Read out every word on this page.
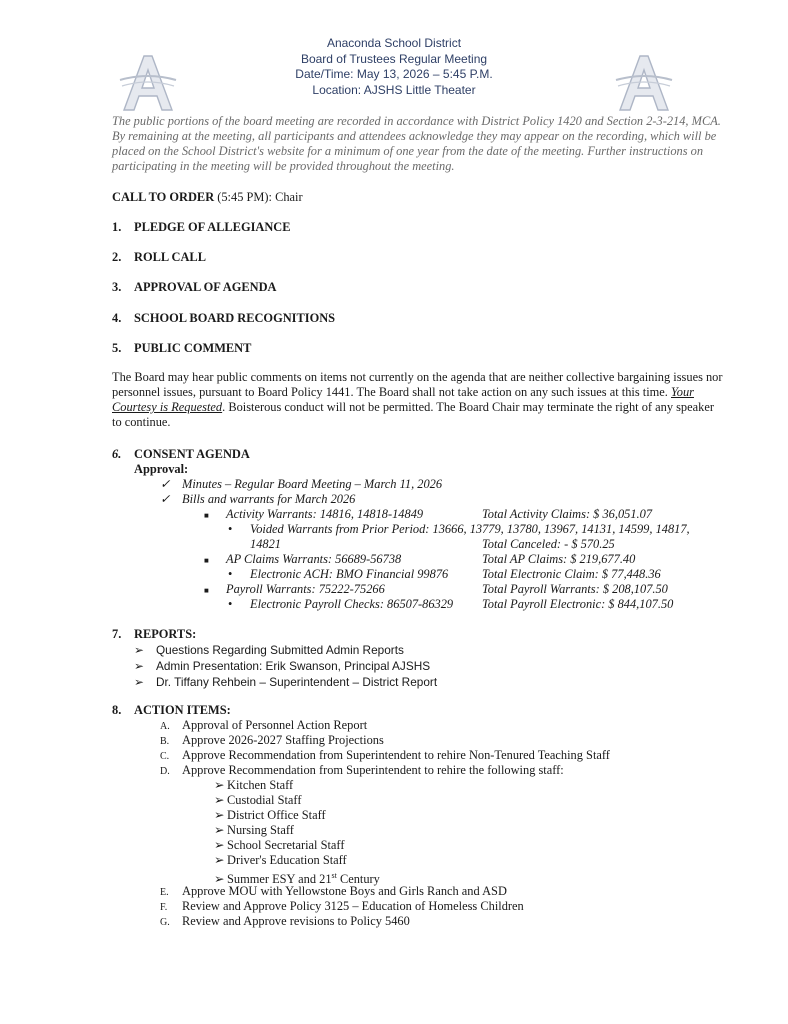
Anaconda School District
Board of Trustees Regular Meeting
Date/Time: May 13, 2026 – 5:45 P.M.
Location: AJSHS Little Theater
The public portions of the board meeting are recorded in accordance with District Policy 1420 and Section 2-3-214, MCA. By remaining at the meeting, all participants and attendees acknowledge they may appear on the recording, which will be placed on the School District's website for a minimum of one year from the date of the meeting. Further instructions on participating in the meeting will be provided throughout the meeting.
CALL TO ORDER (5:45 PM): Chair
1. PLEDGE OF ALLEGIANCE
2. ROLL CALL
3. APPROVAL OF AGENDA
4. SCHOOL BOARD RECOGNITIONS
5. PUBLIC COMMENT
The Board may hear public comments on items not currently on the agenda that are neither collective bargaining issues nor personnel issues, pursuant to Board Policy 1441. The Board shall not take action on any such issues at this time. Your Courtesy is Requested. Boisterous conduct will not be permitted. The Board Chair may terminate the right of any speaker to continue.
6. CONSENT AGENDA
Approval:
✓ Minutes – Regular Board Meeting – March 11, 2026
✓ Bills and warrants for March 2026
■ Activity Warrants: 14816, 14818-14849	Total Activity Claims: $ 36,051.07
• Voided Warrants from Prior Period: 13666, 13779, 13780, 13967, 14131, 14599, 14817,
14821	Total Canceled: - $ 570.25
■ AP Claims Warrants: 56689-56738	Total AP Claims: $ 219,677.40
• Electronic ACH: BMO Financial 99876	Total Electronic Claim: $ 77,448.36
■ Payroll Warrants: 75222-75266	Total Payroll Warrants: $ 208,107.50
• Electronic Payroll Checks: 86507-86329 Total Payroll Electronic: $ 844,107.50
7. REPORTS:
➢ Questions Regarding Submitted Admin Reports
➢ Admin Presentation: Erik Swanson, Principal AJSHS
➢ Dr. Tiffany Rehbein – Superintendent – District Report
8. ACTION ITEMS:
A. Approval of Personnel Action Report
B. Approve 2026-2027 Staffing Projections
C. Approve Recommendation from Superintendent to rehire Non-Tenured Teaching Staff
D. Approve Recommendation from Superintendent to rehire the following staff:
➢ Kitchen Staff
➢ Custodial Staff
➢ District Office Staff
➢ Nursing Staff
➢ School Secretarial Staff
➢ Driver's Education Staff
➢ Summer ESY and 21st Century
E. Approve MOU with Yellowstone Boys and Girls Ranch and ASD
F. Review and Approve Policy 3125 – Education of Homeless Children
G. Review and Approve revisions to Policy 5460
